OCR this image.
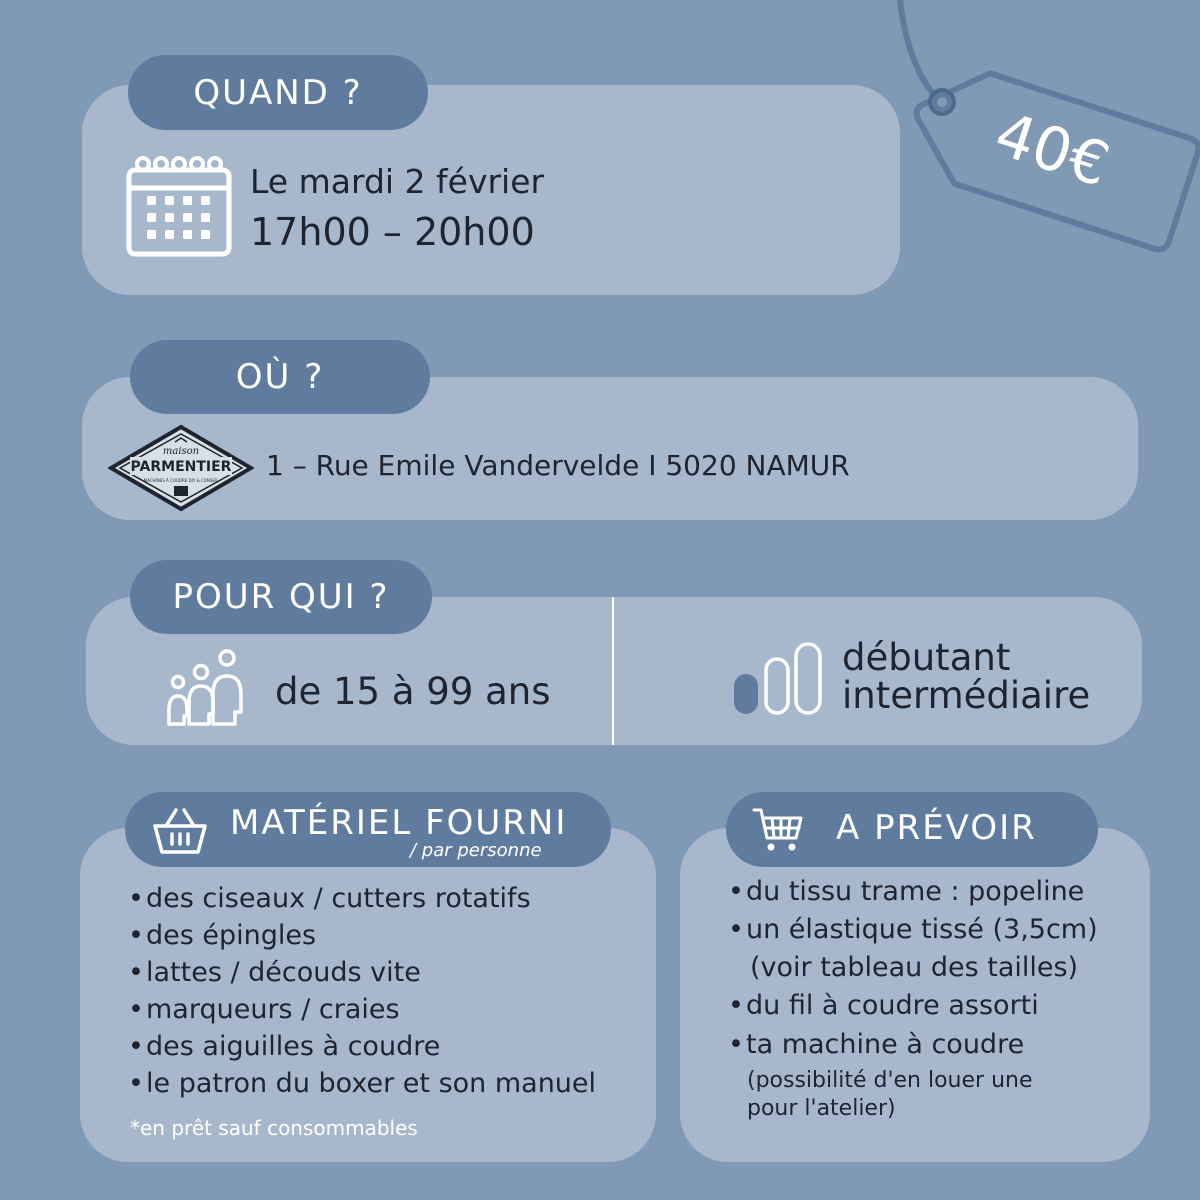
40€
QUAND ?
Le mardi 2 février
17h00 – 20h00
OÙ ?
maison
PARMENTIER
MACHINES À COUDRE DIY & CONSEIL 1 – Rue Emile Vandervelde I 5020 NAMUR
POUR QUI ?
de 15 à 99 ans
débutant
intermédiaire
MATÉRIEL FOURNI
/ par personne
•des ciseaux / cutters rotatifs
•des épingles
•lattes / découds vite
•marqueurs / craies
•des aiguilles à coudre
•le patron du boxer et son manuel
*en prêt sauf consommables
A PRÉVOIR
•du tissu trame : popeline
•un élastique tissé (3,5cm)
(voir tableau des tailles)
•du fil à coudre assorti
•ta machine à coudre
(possibilité d'en louer une
pour l'atelier)
